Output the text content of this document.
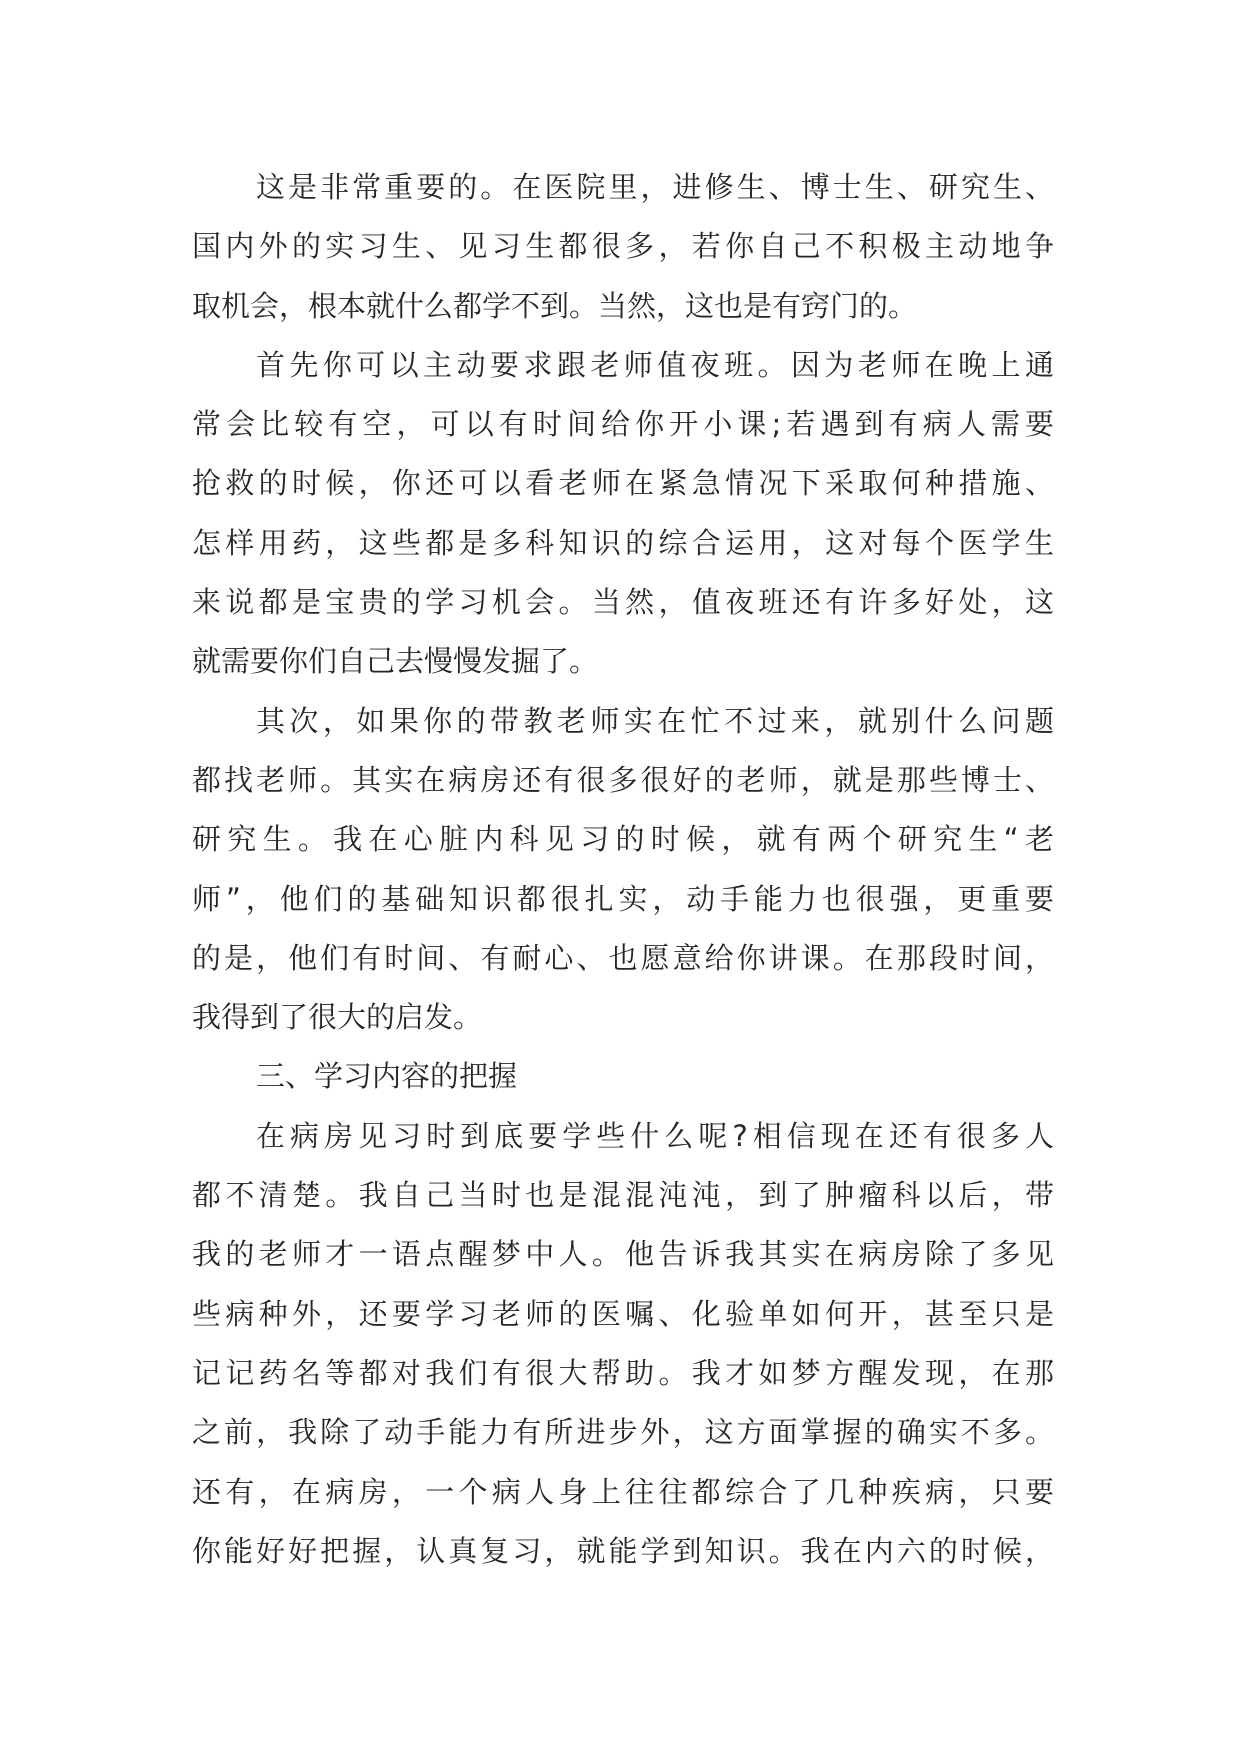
这是非常重要的。在医院里，进修生、博士生、研究生、
国内外的实习生、见习生都很多，若你自己不积极主动地争
取机会，根本就什么都学不到。当然，这也是有窍门的。
首先你可以主动要求跟老师值夜班。因为老师在晚上通
常会比较有空，可以有时间给你开小课;若遇到有病人需要
抢救的时候，你还可以看老师在紧急情况下采取何种措施、
怎样用药，这些都是多科知识的综合运用，这对每个医学生
来说都是宝贵的学习机会。当然，值夜班还有许多好处，这
就需要你们自己去慢慢发掘了。
其次，如果你的带教老师实在忙不过来，就别什么问题
都找老师。其实在病房还有很多很好的老师，就是那些博士、
研究生。我在心脏内科见习的时候，就有两个研究生“老
师”，他们的基础知识都很扎实，动手能力也很强，更重要
的是，他们有时间、有耐心、也愿意给你讲课。在那段时间，
我得到了很大的启发。
三、学习内容的把握
在病房见习时到底要学些什么呢?相信现在还有很多人
都不清楚。我自己当时也是混混沌沌，到了肿瘤科以后，带
我的老师才一语点醒梦中人。他告诉我其实在病房除了多见
些病种外，还要学习老师的医嘱、化验单如何开，甚至只是
记记药名等都对我们有很大帮助。我才如梦方醒发现，在那
之前，我除了动手能力有所进步外，这方面掌握的确实不多。
还有，在病房，一个病人身上往往都综合了几种疾病，只要
你能好好把握，认真复习，就能学到知识。我在内六的时候，
